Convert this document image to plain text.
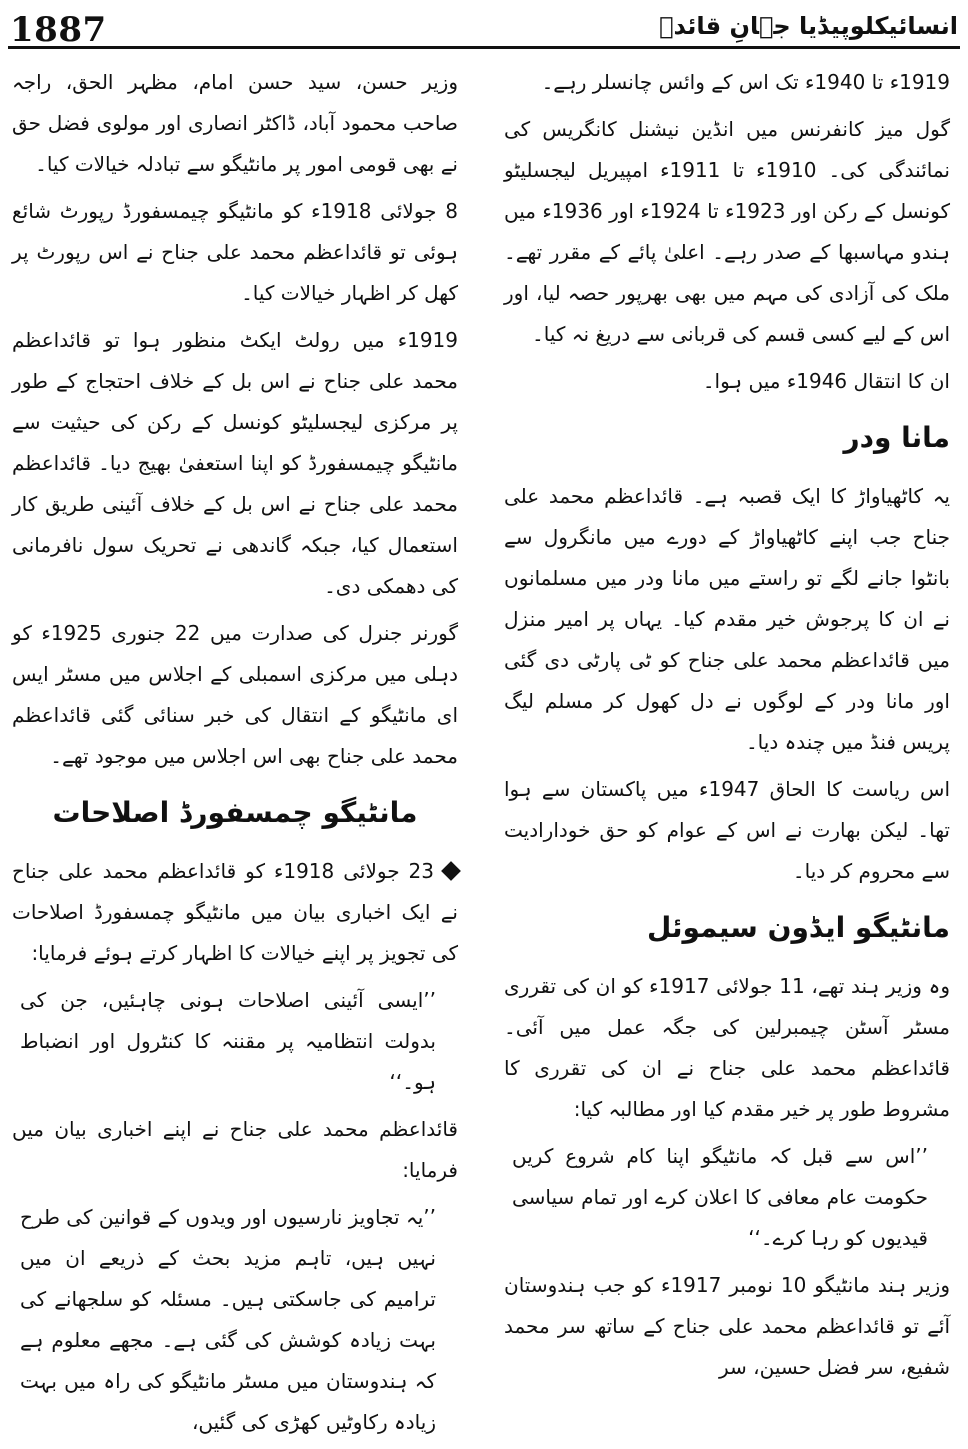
1887	انسائیکلوپیڈیا جہانِ قائدؒ

1919ء تا 1940ء تک اس کے وائس چانسلر رہے۔

گول میز کانفرنس میں انڈین نیشنل کانگریس کی نمائندگی کی۔ 1910ء تا 1911ء امپیریل لیجسلیٹو کونسل کے رکن اور 1923ء تا 1924ء اور 1936ء میں ہندو مہاسبھا کے صدر رہے۔ اعلیٰ پائے کے مقرر تھے۔ ملک کی آزادی کی مہم میں بھی بھرپور حصہ لیا، اور اس کے لیے کسی قسم کی قربانی سے دریغ نہ کیا۔

ان کا انتقال 1946ء میں ہوا۔

مانا ودر

یہ کاٹھیاواڑ کا ایک قصبہ ہے۔ قائداعظم محمد علی جناح جب اپنے کاٹھیاواڑ کے دورے میں مانگرول سے بانٹوا جانے لگے تو راستے میں مانا ودر میں مسلمانوں نے ان کا پرجوش خیر مقدم کیا۔ یہاں پر امیر منزل میں قائداعظم محمد علی جناح کو ٹی پارٹی دی گئی اور مانا ودر کے لوگوں نے دل کھول کر مسلم لیگ پریس فنڈ میں چندہ دیا۔

اس ریاست کا الحاق 1947ء میں پاکستان سے ہوا تھا۔ لیکن بھارت نے اس کے عوام کو حق خودارادیت سے محروم کر دیا۔

مانٹیگو ایڈون سیموئل

وہ وزیر ہند تھے، 11 جولائی 1917ء کو ان کی تقرری مسٹر آسٹن چیمبرلین کی جگہ عمل میں آئی۔ قائداعظم محمد علی جناح نے ان کی تقرری کا مشروط طور پر خیر مقدم کیا اور مطالبہ کیا:

’’اس سے قبل کہ مانٹیگو اپنا کام شروع کریں حکومت عام معافی کا اعلان کرے اور تمام سیاسی قیدیوں کو رہا کرے۔‘‘

وزیر ہند مانٹیگو 10 نومبر 1917ء کو جب ہندوستان آئے تو قائداعظم محمد علی جناح کے ساتھ سر محمد شفیع، سر فضل حسین، سر

وزیر حسن، سید حسن امام، مظہر الحق، راجہ صاحب محمود آباد، ڈاکٹر انصاری اور مولوی فضل حق نے بھی قومی امور پر مانٹیگو سے تبادلہ خیالات کیا۔

8 جولائی 1918ء کو مانٹیگو چیمسفورڈ رپورٹ شائع ہوئی تو قائداعظم محمد علی جناح نے اس رپورٹ پر کھل کر اظہار خیالات کیا۔

1919ء میں رولٹ ایکٹ منظور ہوا تو قائداعظم محمد علی جناح نے اس بل کے خلاف احتجاج کے طور پر مرکزی لیجسلیٹو کونسل کے رکن کی حیثیت سے مانٹیگو چیمسفورڈ کو اپنا استعفیٰ بھیج دیا۔ قائداعظم محمد علی جناح نے اس بل کے خلاف آئینی طریق کار استعمال کیا، جبکہ گاندھی نے تحریک سول نافرمانی کی دھمکی دی۔

گورنر جنرل کی صدارت میں 22 جنوری 1925ء کو دہلی میں مرکزی اسمبلی کے اجلاس میں مسٹر ایس ای مانٹیگو کے انتقال کی خبر سنائی گئی قائداعظم محمد علی جناح بھی اس اجلاس میں موجود تھے۔

مانٹیگو چمسفورڈ اصلاحات

23 جولائی 1918ء کو قائداعظم محمد علی جناح نے ایک اخباری بیان میں مانٹیگو چمسفورڈ اصلاحات کی تجویز پر اپنے خیالات کا اظہار کرتے ہوئے فرمایا:

’’ایسی آئینی اصلاحات ہونی چاہئیں، جن کی بدولت انتظامیہ پر مقننہ کا کنٹرول اور انضباط ہو۔‘‘

قائداعظم محمد علی جناح نے اپنے اخباری بیان میں فرمایا:

’’یہ تجاویز نارسیوں اور ویدوں کے قوانین کی طرح نہیں ہیں، تاہم مزید بحث کے ذریعے ان میں ترامیم کی جاسکتی ہیں۔ مسئلہ کو سلجھانے کی بہت زیادہ کوشش کی گئی ہے۔ مجھے معلوم ہے کہ ہندوستان میں مسٹر مانٹیگو کی راہ میں بہت زیادہ رکاوٹیں کھڑی کی گئیں،
